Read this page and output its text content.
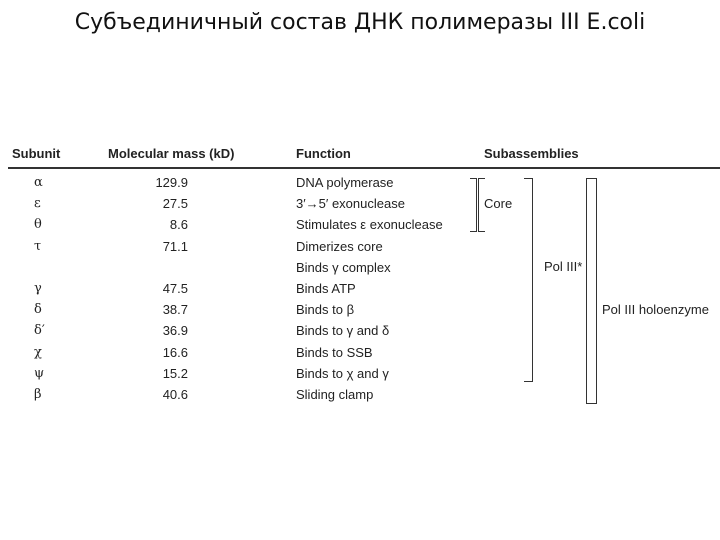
Субъединичный состав ДНК полимеразы III E.coli
Subunit	Molecular mass (kD)	Function	Subassemblies
α	129.9	DNA polymerase
ε	27.5	3′→5′ exonuclease
θ	8.6	Stimulates ε exonuclease
τ	71.1	Dimerizes core
Binds γ complex
γ	47.5	Binds ATP
δ	38.7	Binds to β
δ′	36.9	Binds to γ and δ
χ	16.6	Binds to SSB
ψ	15.2	Binds to χ and γ
β	40.6	Sliding clamp
Core
Pol III*
Pol III holoenzyme
